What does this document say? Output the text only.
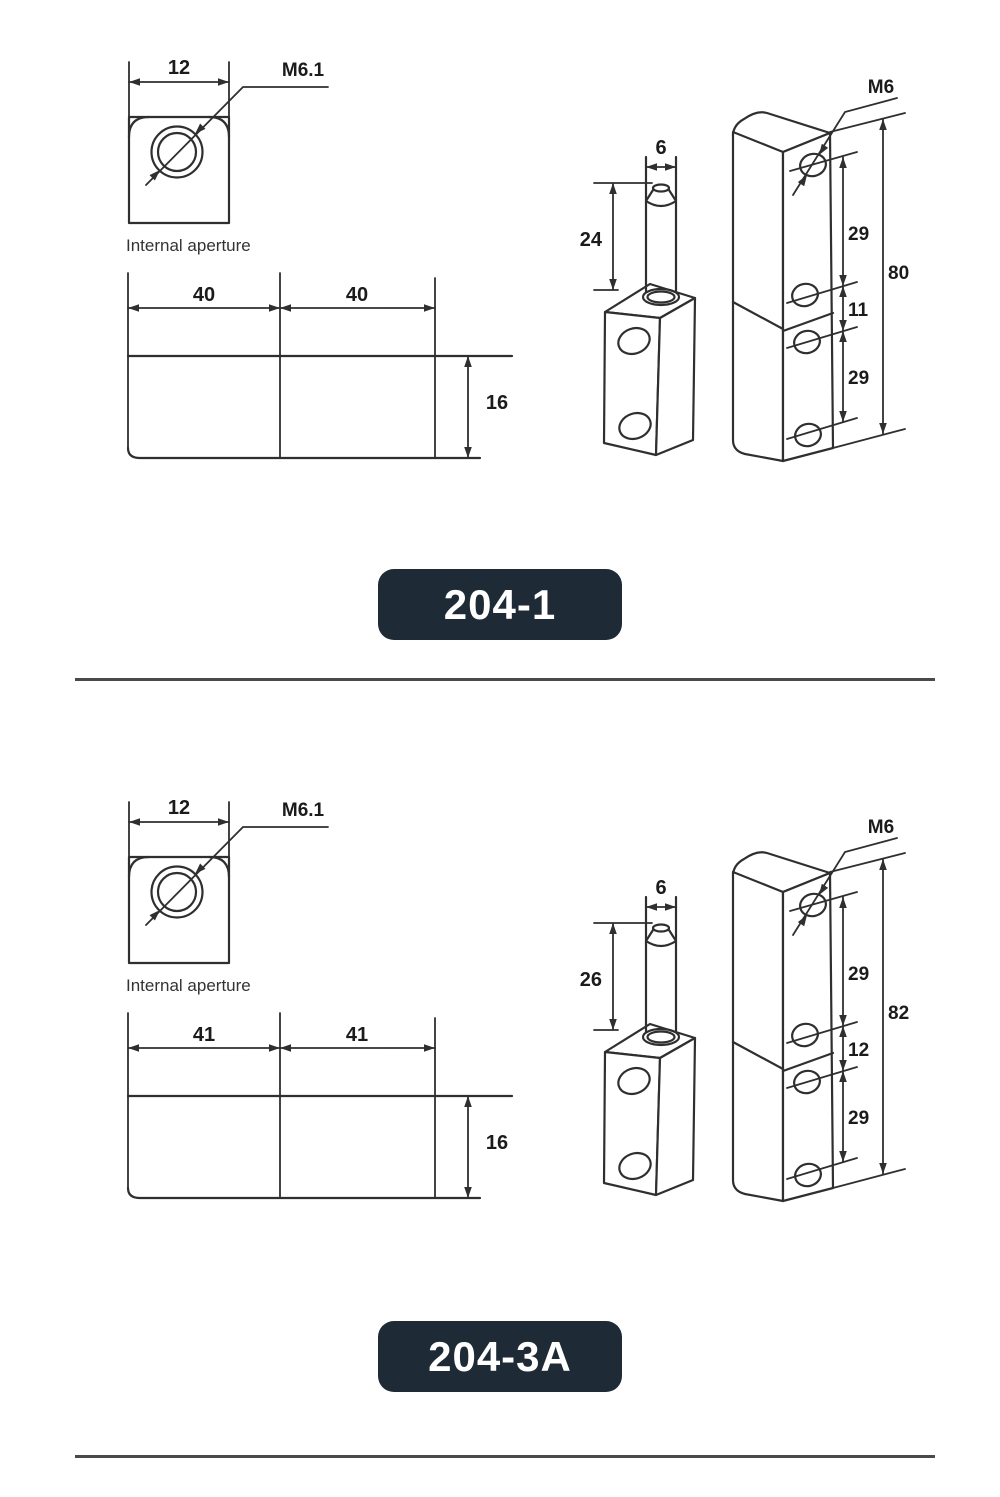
12	M6.1
Internal aperture
40	40
16
6
24	29
11
29
80
M6
204-1
12	M6.1
Internal aperture
41	41
16
6
26	29
12
29
82
M6
204-3A
